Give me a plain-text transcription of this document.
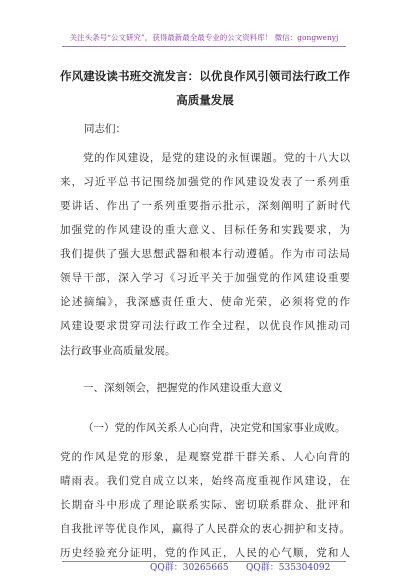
关注头条号“公文研究”，获得最新最全最专业的公文资料库！ 微信：gongwenyj
作风建设读书班交流发言：以优良作风引领司法行政工作
高质量发展
同志们：
党的作风建设，是党的建设的永恒课题。党的十八大以
来，习近平总书记围绕加强党的作风建设发表了一系列重
要讲话、作出了一系列重要指示批示，深刻阐明了新时代
加强党的作风建设的重大意义、目标任务和实践要求，为
我们提供了强大思想武器和根本行动遵循。作为市司法局
领导干部，深入学习《习近平关于加强党的作风建设重要
论述摘编》，我深感责任重大、使命光荣，必须将党的作
风建设要求贯穿司法行政工作全过程，以优良作风推动司
法行政事业高质量发展。
一、深刻领会，把握党的作风建设重大意义
（一）党的作风关系人心向背，决定党和国家事业成败。
党的作风是党的形象，是观察党群干群关系、人心向背的
晴雨表。我们党自成立以来，始终高度重视作风建设，在
长期奋斗中形成了理论联系实际、密切联系群众、批评和
自我批评等优良作风，赢得了人民群众的衷心拥护和支持。
历史经验充分证明，党的作风正，人民的心气顺，党和人
QQ群：30265665 QQ群：535304092
